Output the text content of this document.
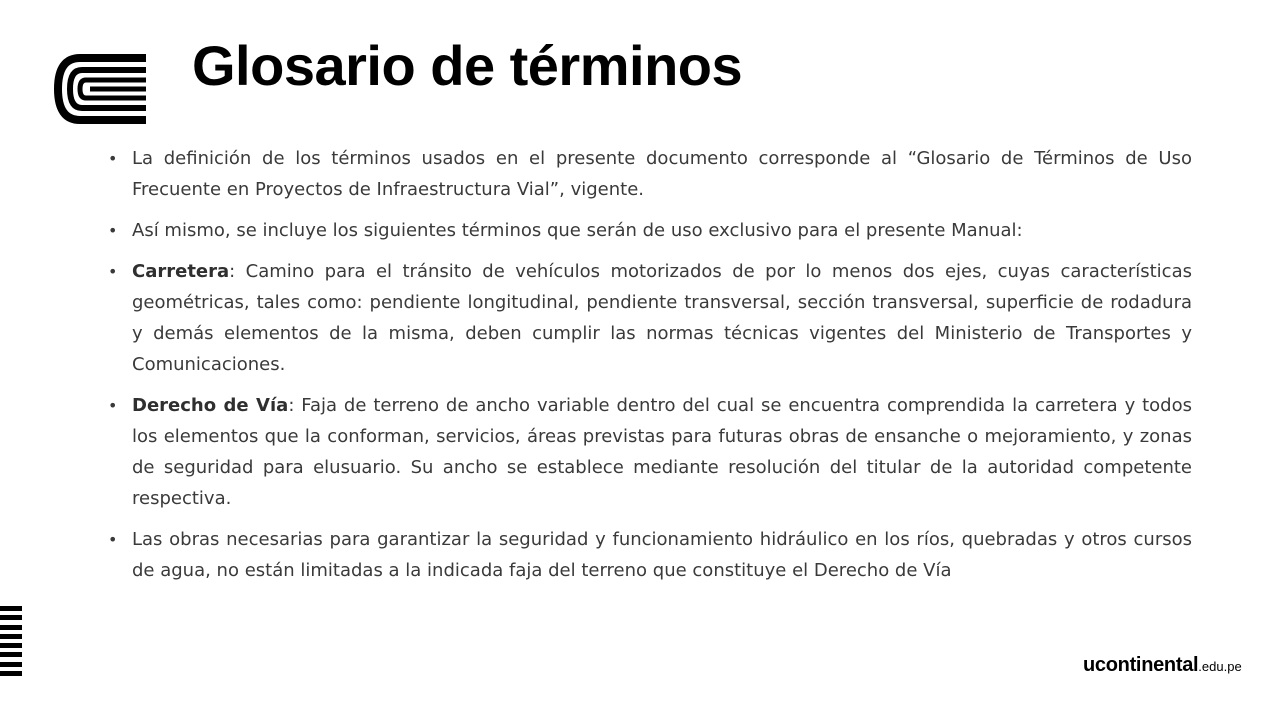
Glosario de términos
• La definición de los términos usados en el presente documento corresponde al “Glosario de Términos de Uso Frecuente en Proyectos de Infraestructura Vial”, vigente.
• Así mismo, se incluye los siguientes términos que serán de uso exclusivo para el presente Manual:
• Carretera: Camino para el tránsito de vehículos motorizados de por lo menos dos ejes, cuyas características geométricas, tales como: pendiente longitudinal, pendiente transversal, sección transversal, superficie de rodadura y demás elementos de la misma, deben cumplir las normas técnicas vigentes del Ministerio de Transportes y Comunicaciones.
• Derecho de Vía: Faja de terreno de ancho variable dentro del cual se encuentra comprendida la carretera y todos los elementos que la conforman, servicios, áreas previstas para futuras obras de ensanche o mejoramiento, y zonas de seguridad para elusuario. Su ancho se establece mediante resolución del titular de la autoridad competente respectiva.
• Las obras necesarias para garantizar la seguridad y funcionamiento hidráulico en los ríos, quebradas y otros cursos de agua, no están limitadas a la indicada faja del terreno que constituye el Derecho de Vía
ucontinental.edu.pe
